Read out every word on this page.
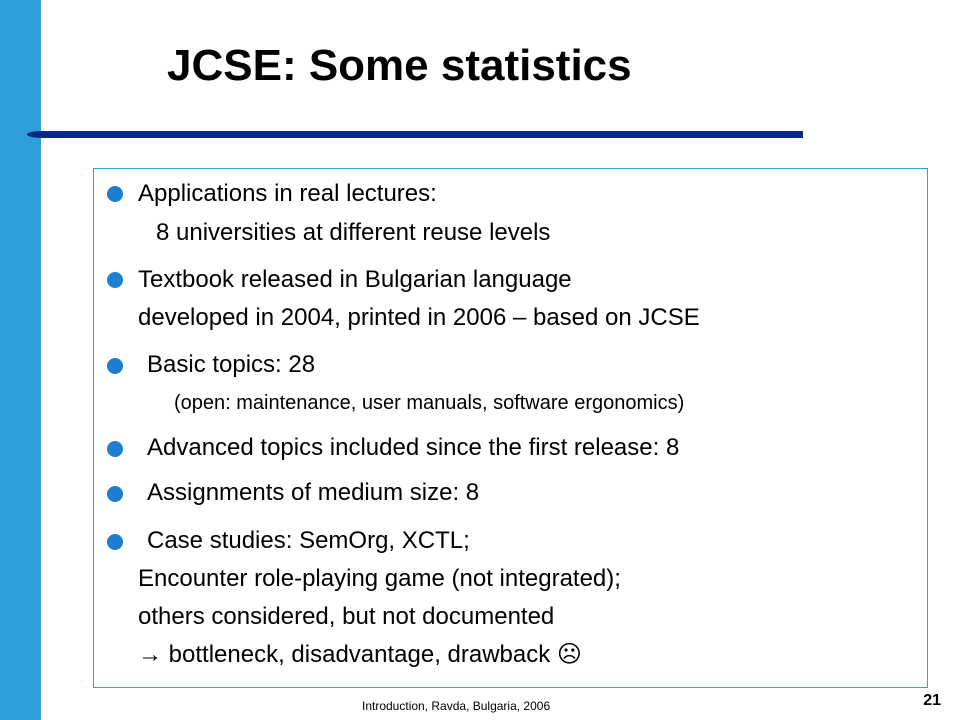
JCSE: Some statistics
Applications in real lectures:
8 universities at different reuse levels
Textbook released in Bulgarian language
developed in 2004, printed in 2006 – based on JCSE
Basic topics: 28
(open: maintenance, user manuals, software ergonomics)
Advanced topics included since the first release: 8
Assignments of medium size: 8
Case studies: SemOrg, XCTL;
Encounter role-playing game (not integrated);
others considered, but not documented
→ bottleneck, disadvantage, drawback ☹
Introduction, Ravda, Bulgaria, 2006	21
